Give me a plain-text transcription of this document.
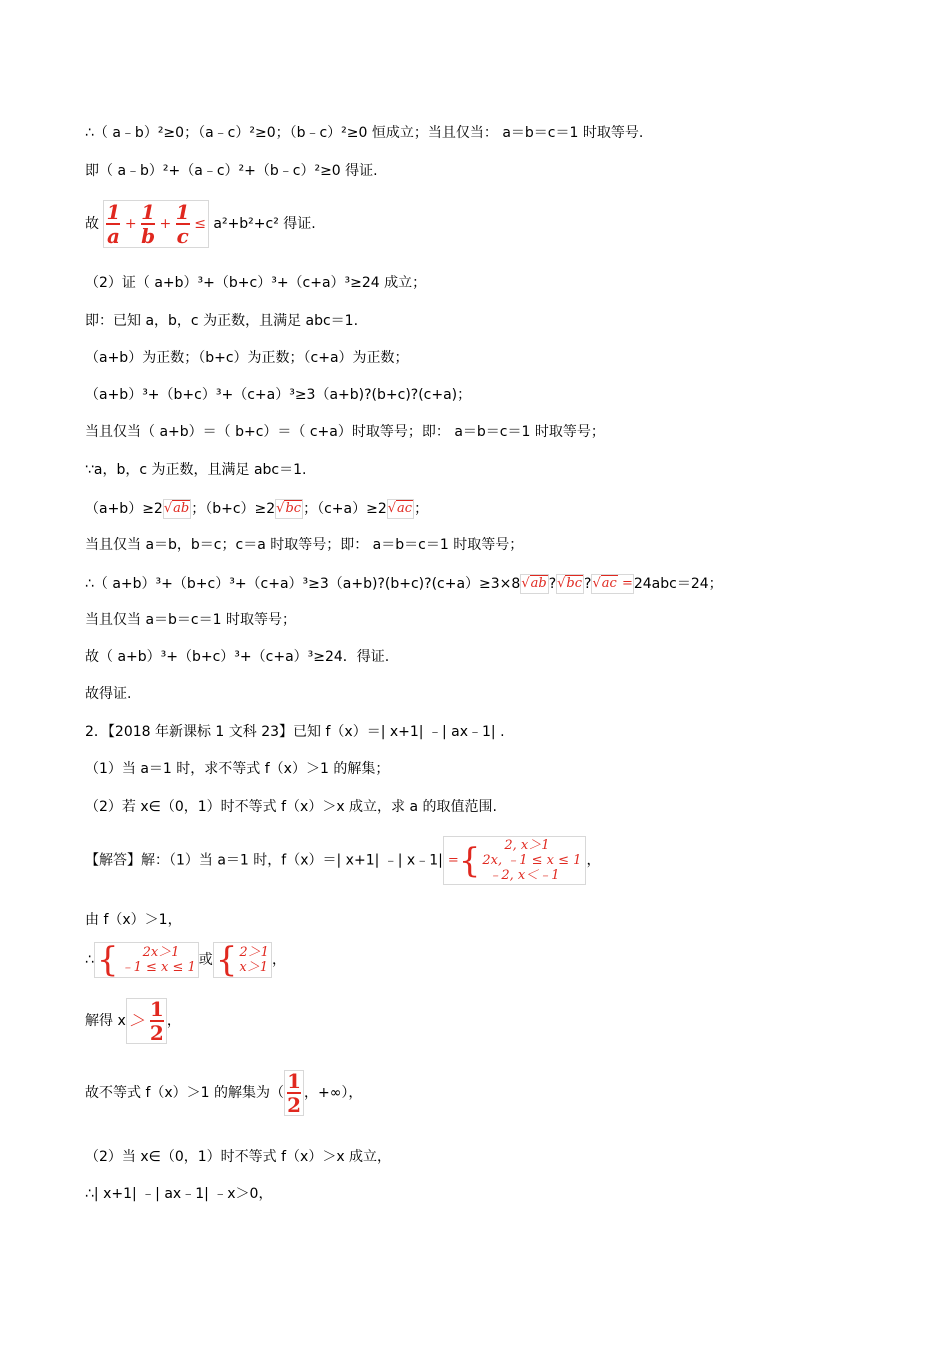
∴（ a﹣b）²≥0；（a﹣c）²≥0；（b﹣c）²≥0 恒成立；当且仅当： a＝b＝c＝1 时取等号.
即（ a﹣b）²+（a﹣c）²+（b﹣c）²≥0 得证.
故 $\frac{1}{a} + \frac{1}{b} + \frac{1}{c} \le a^2+b^2+c^2$ 得证.
（2）证（ a+b）³+（b+c）³+（c+a）³≥24 成立；
即：已知 a，b，c 为正数，且满足 abc＝1.
（a+b）为正数；（b+c）为正数；（c+a）为正数；
（a+b）³+（b+c）³+（c+a）³≥3（a+b)?(b+c)?(c+a)；
当且仅当（ a+b）＝（ b+c）＝（ c+a）时取等号；即： a＝b＝c＝1 时取等号；
∵a，b，c 为正数，且满足 abc＝1.
（a+b）≥2√ab ；（b+c）≥2√bc ；（c+a）≥2√ac ；
当且仅当 a＝b，b＝c；c＝a 时取等号；即： a＝b＝c＝1 时取等号；
∴（ a+b）³+（b+c）³+（c+a）³≥3（a+b)?(b+c)?(c+a）≥3×8√ab ?√bc ?√ac =24abc＝24；
当且仅当 a＝b＝c＝1 时取等号；
故（ a+b）³+（b+c）³+（c+a）³≥24．得证.
故得证.
2．【2018 年新课标 1 文科 23】已知 f（x）＝| x+1| ﹣| ax﹣1| .
（1）当 a＝1 时，求不等式 f（x）＞1 的解集；
（2）若 x∈（0，1）时不等式 f（x）＞x 成立，求 a 的取值范围.
【解答】解：（1）当 a＝1 时，f（x）＝| x+1| ﹣| x﹣1| = {	2, x＞1
2x, ﹣1 ≤ x ≤ 1
﹣2, x＜﹣1
，
由 f（x）＞1，
∴ {	2x＞1
﹣1 ≤ x ≤ 1 或 { 2＞1
x＞1 ，
解得 $x > \frac{1}{2}$ ，
故不等式 f（x）＞1 的解集为（ $\frac{1}{2}$ ，+∞），
（2）当 x∈（0，1）时不等式 f（x）＞x 成立，
∴| x+1| ﹣| ax﹣1| ﹣x＞0，
